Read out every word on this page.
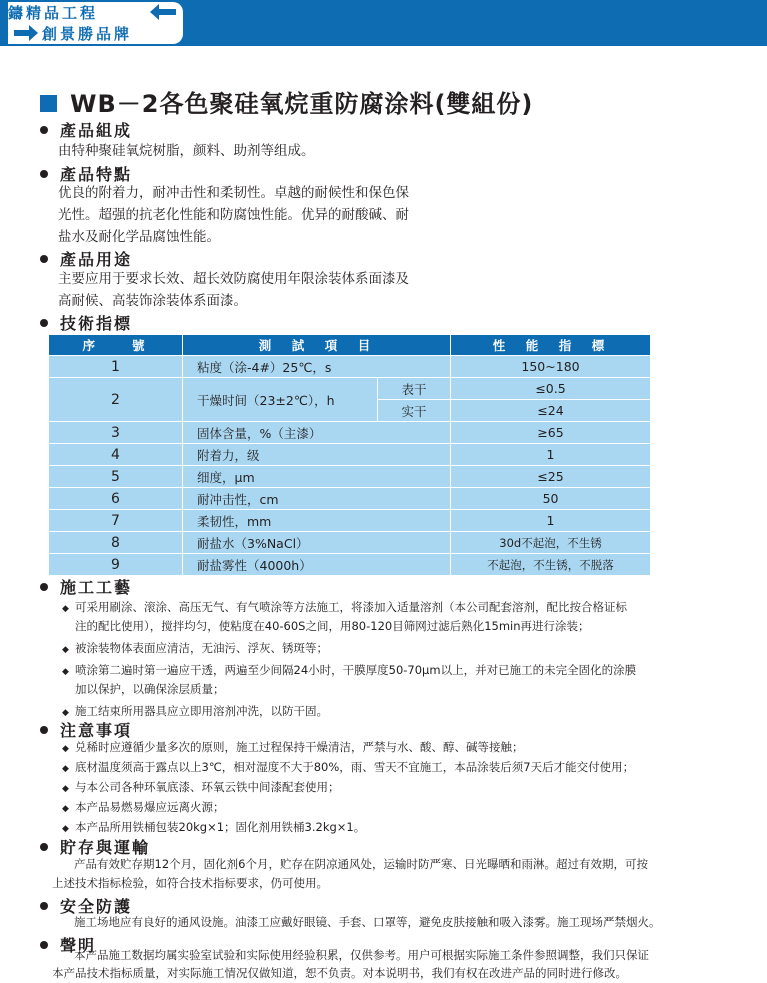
鑄精品工程
創景勝品牌
WB－2各色聚硅氧烷重防腐涂料(雙組份)
產品組成
由特种聚硅氧烷树脂，颜料、助剂等组成。
產品特點
优良的附着力，耐冲击性和柔韧性。卓越的耐候性和保色保
光性。超强的抗老化性能和防腐蚀性能。优异的耐酸碱、耐
盐水及耐化学品腐蚀性能。
產品用途
主要应用于要求长效、超长效防腐使用年限涂装体系面漆及
高耐候、高装饰涂装体系面漆。
技術指標
序　　號	測　試　項　目		性　能　指　標
1	粘度（涂-4#）25℃，s		150~180
2	干燥时间（23±2℃），h	表干	≤0.5
		实干	≤24
3	固体含量，%（主漆）		≥65
4	附着力，级		1
5	细度，μm		≤25
6	耐冲击性，cm		50
7	柔韧性，mm		1
8	耐盐水（3%NaCl）		30d不起泡，不生锈
9	耐盐雾性（4000h）		不起泡，不生锈，不脱落
施工工藝
◆ 可采用刷涂、滚涂、高压无气、有气喷涂等方法施工，将漆加入适量溶剂（本公司配套溶剂，配比按合格证标
注的配比使用），搅拌均匀，使粘度在40-60S之间，用80-120目筛网过滤后熟化15min再进行涂装；
◆ 被涂装物体表面应清洁，无油污、浮灰、锈斑等；
◆ 喷涂第二遍时第一遍应干透，两遍至少间隔24小时，干膜厚度50-70μm以上，并对已施工的未完全固化的涂膜
加以保护，以确保涂层质量；
◆ 施工结束所用器具应立即用溶剂冲洗，以防干固。
注意事項
◆ 兑稀时应遵循少量多次的原则，施工过程保持干燥清洁，严禁与水、酸、醇、碱等接触；
◆ 底材温度须高于露点以上3℃，相对湿度不大于80%，雨、雪天不宜施工，本品涂装后须7天后才能交付使用；
◆ 与本公司各种环氧底漆、环氧云铁中间漆配套使用；
◆ 本产品易燃易爆应远离火源；
◆ 本产品所用铁桶包装20kg×1；固化剂用铁桶3.2kg×1。
貯存與運輸
产品有效贮存期12个月，固化剂6个月，贮存在阴凉通风处，运输时防严寒、日光曝晒和雨淋。超过有效期，可按
上述技术指标检验，如符合技术指标要求，仍可使用。
安全防護
施工场地应有良好的通风设施。油漆工应戴好眼镜、手套、口罩等，避免皮肤接触和吸入漆雾。施工现场严禁烟火。
聲明
本产品施工数据均属实验室试验和实际使用经验积累，仅供参考。用户可根据实际施工条件参照调整，我们只保证
本产品技术指标质量，对实际施工情况仅做知道，恕不负责。对本说明书，我们有权在改进产品的同时进行修改。
